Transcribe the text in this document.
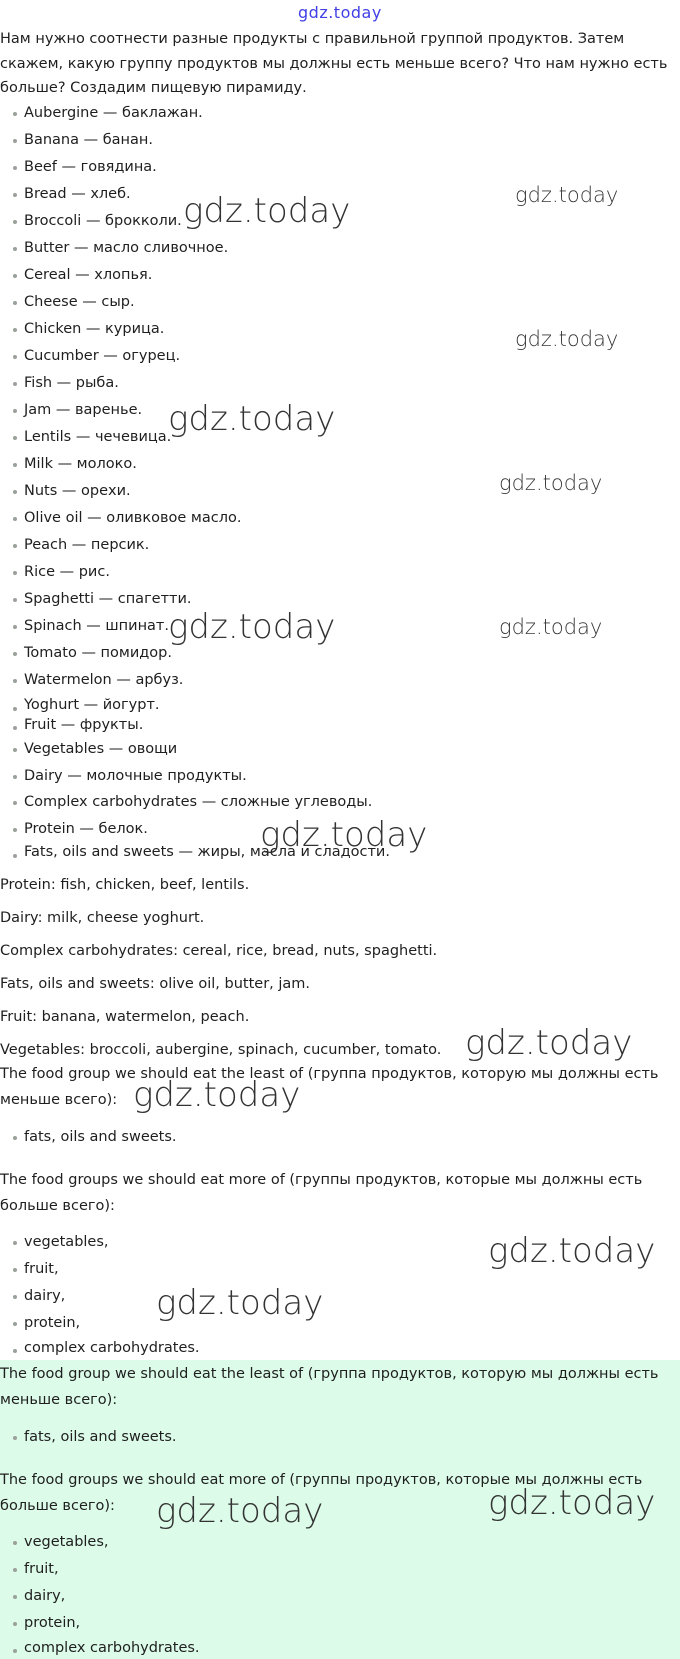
gdz.today
Нам нужно соотнести разные продукты с правильной группой продуктов. Затем скажем, какую группу продуктов мы должны есть меньше всего? Что нам нужно есть больше? Создадим пищевую пирамиду.
Aubergine — баклажан.
Banana — банан.
Beef — говядина.
Bread — хлеб.
Broccoli — брокколи.
Butter — масло сливочное.
Cereal — хлопья.
Cheese — сыр.
Chicken — курица.
Cucumber — огурец.
Fish — рыба.
Jam — варенье.
Lentils — чечевица.
Milk — молоко.
Nuts — орехи.
Olive oil — оливковое масло.
Peach — персик.
Rice — рис.
Spaghetti — спагетти.
Spinach — шпинат.
Tomato — помидор.
Watermelon — арбуз.
Yoghurt — йогурт.
Fruit — фрукты.
Vegetables — овощи
Dairy — молочные продукты.
Complex carbohydrates — сложные углеводы.
Protein — белок.
Fats, oils and sweets — жиры, масла и сладости.
Protein: fish, chicken, beef, lentils.
Dairy: milk, cheese yoghurt.
Complex carbohydrates: cereal, rice, bread, nuts, spaghetti.
Fats, oils and sweets: olive oil, butter, jam.
Fruit: banana, watermelon, peach.
Vegetables: broccoli, aubergine, spinach, cucumber, tomato.
The food group we should eat the least of (группа продуктов, которую мы должны есть меньше всего):
fats, oils and sweets.
The food groups we should eat more of (группы продуктов, которые мы должны есть больше всего):
vegetables,
fruit,
dairy,
protein,
complex carbohydrates.
The food group we should eat the least of (группа продуктов, которую мы должны есть меньше всего):
fats, oils and sweets.
The food groups we should eat more of (группы продуктов, которые мы должны есть больше всего):
vegetables,
fruit,
dairy,
protein,
complex carbohydrates.
gdz.today	gdz.today
gdz.today
gdz.today
gdz.today
gdz.today	gdz.today
gdz.today
gdz.today
gdz.today
gdz.today
gdz.today
gdz.today
gdz.today
